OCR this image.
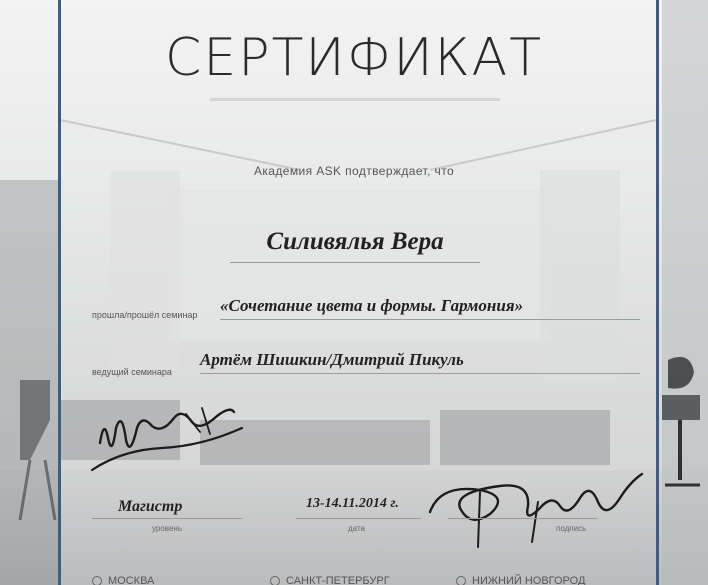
СЕРТИФИКАТ
Академия ASK подтверждает, что
Силивялья Вера
прошла/прошёл семинар «Сочетание цвета и формы. Гармония»
ведущий семинара
Артём Шишкин/Дмитрий Пикуль
Магистр
уровень
13-14.11.2014 г.
дата	подпись
МОСКВА	САНКТ-ПЕТЕРБУРГ	НИЖНИЙ НОВГОРОД
